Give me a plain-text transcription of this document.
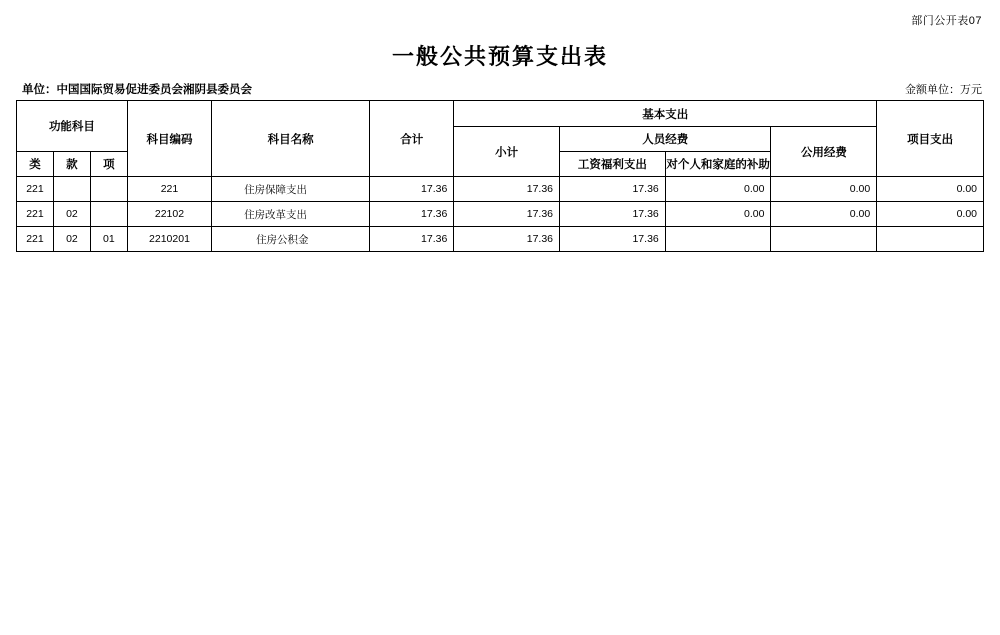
部门公开表07
一般公共预算支出表
单位：中国国际贸易促进委员会湘阴县委员会	金额单位：万元
功能科目			科目编码	科目名称	合计	基本支出				项目支出
						小计	人员经费		公用经费	
类	款	项					工资福利支出	对个人和家庭的补助		
221			221	住房保障支出	17.36	17.36	17.36	0.00	0.00	0.00
221	02		22102	住房改革支出	17.36	17.36	17.36	0.00	0.00	0.00
221	02	01	2210201	住房公积金	17.36	17.36	17.36			
